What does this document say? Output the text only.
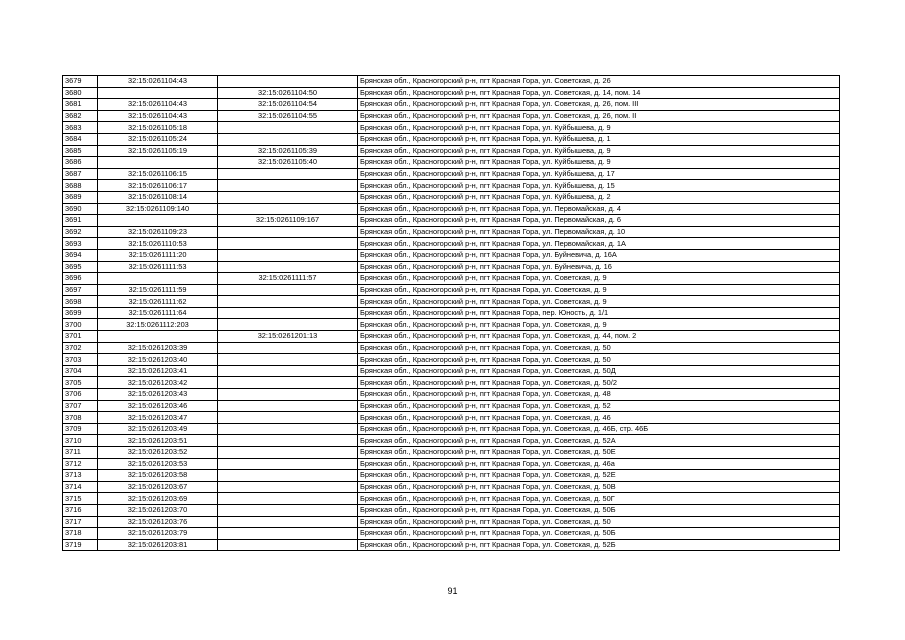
3679	32:15:0261104:43		Брянская обл., Красногорский р-н, пгт Красная Гора, ул. Советская, д. 26
3680		32:15:0261104:50	Брянская обл., Красногорский р-н, пгт Красная Гора, ул. Советская, д. 14, пом. 14
3681	32:15:0261104:43	32:15:0261104:54	Брянская обл., Красногорский р-н, пгт Красная Гора, ул. Советская, д. 26, пом. III
3682	32:15:0261104:43	32:15:0261104:55	Брянская обл., Красногорский р-н, пгт Красная Гора, ул. Советская, д. 26, пом. II
3683	32:15:0261105:18		Брянская обл., Красногорский р-н, пгт Красная Гора, ул. Куйбышева, д. 9
3684	32:15:0261105:24		Брянская обл., Красногорский р-н, пгт Красная Гора, ул. Куйбышева, д. 1
3685	32:15:0261105:19	32:15:0261105:39	Брянская обл., Красногорский р-н, пгт Красная Гора, ул. Куйбышева, д. 9
3686		32:15:0261105:40	Брянская обл., Красногорский р-н, пгт Красная Гора, ул. Куйбышева, д. 9
3687	32:15:0261106:15		Брянская обл., Красногорский р-н, пгт Красная Гора, ул. Куйбышева, д. 17
3688	32:15:0261106:17		Брянская обл., Красногорский р-н, пгт Красная Гора, ул. Куйбышева, д. 15
3689	32:15:0261108:14		Брянская обл., Красногорский р-н, пгт Красная Гора, ул. Куйбышева, д. 2
3690	32:15:0261109:140		Брянская обл., Красногорский р-н, пгт Красная Гора, ул. Первомайская, д. 4
3691		32:15:0261109:167	Брянская обл., Красногорский р-н, пгт Красная Гора, ул. Первомайская, д. 6
3692	32:15:0261109:23		Брянская обл., Красногорский р-н, пгт Красная Гора, ул. Первомайская, д. 10
3693	32:15:0261110:53		Брянская обл., Красногорский р-н, пгт Красная Гора, ул. Первомайская, д. 1А
3694	32:15:0261111:20		Брянская обл., Красногорский р-н, пгт Красная Гора, ул. Буйневича, д. 16А
3695	32:15:0261111:53		Брянская обл., Красногорский р-н, пгт Красная Гора, ул. Буйневича, д. 16
3696		32:15:0261111:57	Брянская обл., Красногорский р-н, пгт Красная Гора, ул. Советская, д. 9
3697	32:15:0261111:59		Брянская обл., Красногорский р-н, пгт Красная Гора, ул. Советская, д. 9
3698	32:15:0261111:62		Брянская обл., Красногорский р-н, пгт Красная Гора, ул. Советская, д. 9
3699	32:15:0261111:64		Брянская обл., Красногорский р-н, пгт Красная Гора, пер. Юность, д. 1/1
3700	32:15:0261112:203		Брянская обл., Красногорский р-н, пгт Красная Гора, ул. Советская, д. 9
3701		32:15:0261201:13	Брянская обл., Красногорский р-н, пгт Красная Гора, ул. Советская, д. 44, пом. 2
3702	32:15:0261203:39		Брянская обл., Красногорский р-н, пгт Красная Гора, ул. Советская, д. 50
3703	32:15:0261203:40		Брянская обл., Красногорский р-н, пгт Красная Гора, ул. Советская, д. 50
3704	32:15:0261203:41		Брянская обл., Красногорский р-н, пгт Красная Гора, ул. Советская, д. 50Д
3705	32:15:0261203:42		Брянская обл., Красногорский р-н, пгт Красная Гора, ул. Советская, д. 50/2
3706	32:15:0261203:43		Брянская обл., Красногорский р-н, пгт Красная Гора, ул. Советская, д. 48
3707	32:15:0261203:46		Брянская обл., Красногорский р-н, пгт Красная Гора, ул. Советская, д. 52
3708	32:15:0261203:47		Брянская обл., Красногорский р-н, пгт Красная Гора, ул. Советская, д. 46
3709	32:15:0261203:49		Брянская обл., Красногорский р-н, пгт Красная Гора, ул. Советская, д. 46Б, стр. 46Б
3710	32:15:0261203:51		Брянская обл., Красногорский р-н, пгт Красная Гора, ул. Советская, д. 52А
3711	32:15:0261203:52		Брянская обл., Красногорский р-н, пгт Красная Гора, ул. Советская, д. 50Е
3712	32:15:0261203:53		Брянская обл., Красногорский р-н, пгт Красная Гора, ул. Советская, д. 46а
3713	32:15:0261203:58		Брянская обл., Красногорский р-н, пгт Красная Гора, ул. Советская, д. 52Е
3714	32:15:0261203:67		Брянская обл., Красногорский р-н, пгт Красная Гора, ул. Советская, д. 50В
3715	32:15:0261203:69		Брянская обл., Красногорский р-н, пгт Красная Гора, ул. Советская, д. 50Г
3716	32:15:0261203:70		Брянская обл., Красногорский р-н, пгт Красная Гора, ул. Советская, д. 50Б
3717	32:15:0261203:76		Брянская обл., Красногорский р-н, пгт Красная Гора, ул. Советская, д. 50
3718	32:15:0261203:79		Брянская обл., Красногорский р-н, пгт Красная Гора, ул. Советская, д. 50Б
3719	32:15:0261203:81		Брянская обл., Красногорский р-н, пгт Красная Гора, ул. Советская, д. 52Б
91
